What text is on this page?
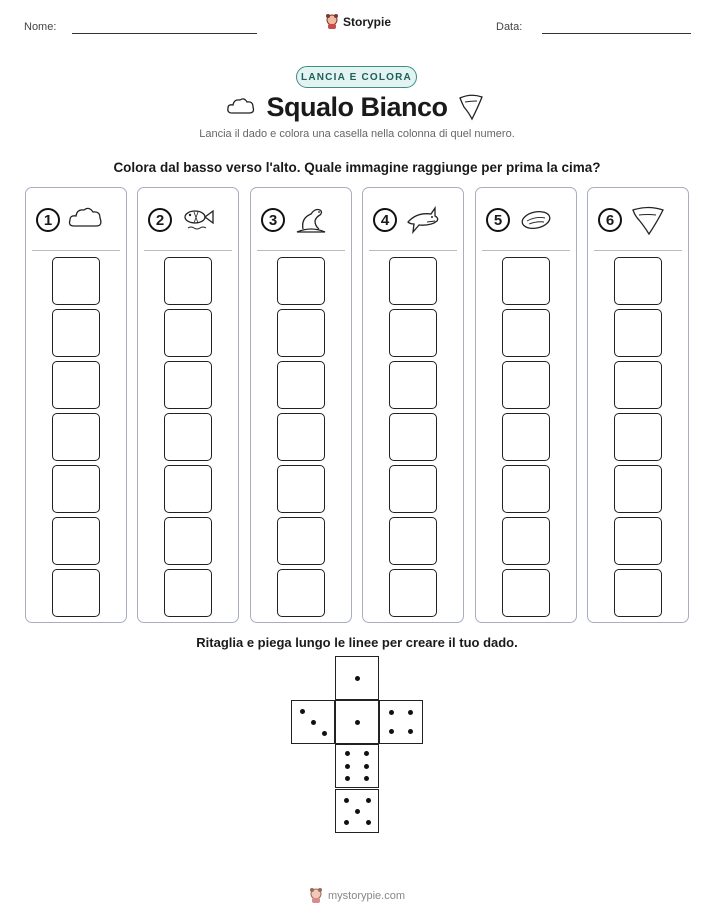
Nome:	Storypie	Data:
LANCIA E COLORA
Squalo Bianco
Lancia il dado e colora una casella nella colonna di quel numero.
Colora dal basso verso l'alto. Quale immagine raggiunge per prima la cima?
1	2	3	4	5	6
Ritaglia e piega lungo le linee per creare il tuo dado.
mystorypie.com
